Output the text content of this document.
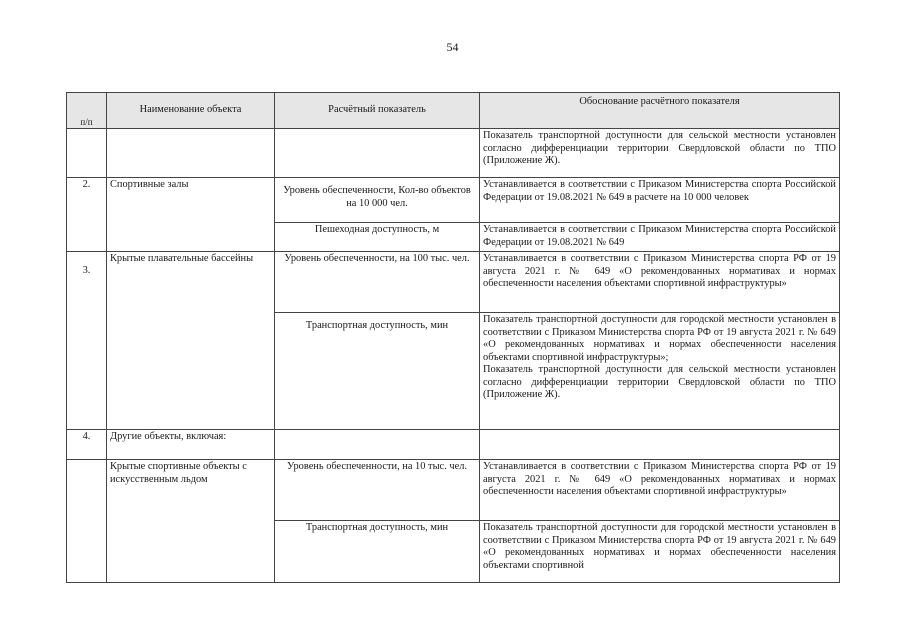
54
п/п	Наименование объекта	Расчётный показатель	Обоснование расчётного показателя
			Показатель транспортной доступности для сельской местности установлен согласно дифференциации территории Свердловской области по ТПО (Приложение Ж).
2.	Спортивные залы	Уровень обеспеченности, Кол-во объектов на 10 000 чел.	Устанавливается в соответствии с Приказом Министерства спорта Российской Федерации от 19.08.2021 № 649 в расчете на 10 000 человек
		Пешеходная доступность, м	Устанавливается в соответствии с Приказом Министерства спорта Российской Федерации от 19.08.2021 № 649
3.	Крытые плавательные бассейны	Уровень обеспеченности, на 100 тыс. чел.	Устанавливается в соответствии с Приказом Министерства спорта РФ от 19 августа 2021 г. № 649 «О рекомендованных нормативах и нормах обеспеченности населения объектами спортивной инфраструктуры»
		Транспортная доступность, мин	Показатель транспортной доступности для городской местности установлен в соответствии с Приказом Министерства спорта РФ от 19 августа 2021 г. № 649 «О рекомендованных нормативах и нормах обеспеченности населения объектами спортивной инфраструктуры»;
Показатель транспортной доступности для сельской местности установлен согласно дифференциации территории Свердловской области по ТПО (Приложение Ж).

4.	Другие объекты, включая:		
	Крытые спортивные объекты с искусственным льдом	Уровень обеспеченности, на 10 тыс. чел.	Устанавливается в соответствии с Приказом Министерства спорта РФ от 19 августа 2021 г. № 649 «О рекомендованных нормативах и нормах обеспеченности населения объектами спортивной инфраструктуры»
		Транспортная доступность, мин	Показатель транспортной доступности для городской местности установлен в соответствии с Приказом Министерства спорта РФ от 19 августа 2021 г. № 649 «О рекомендованных нормативах и нормах обеспеченности населения объектами спортивной
